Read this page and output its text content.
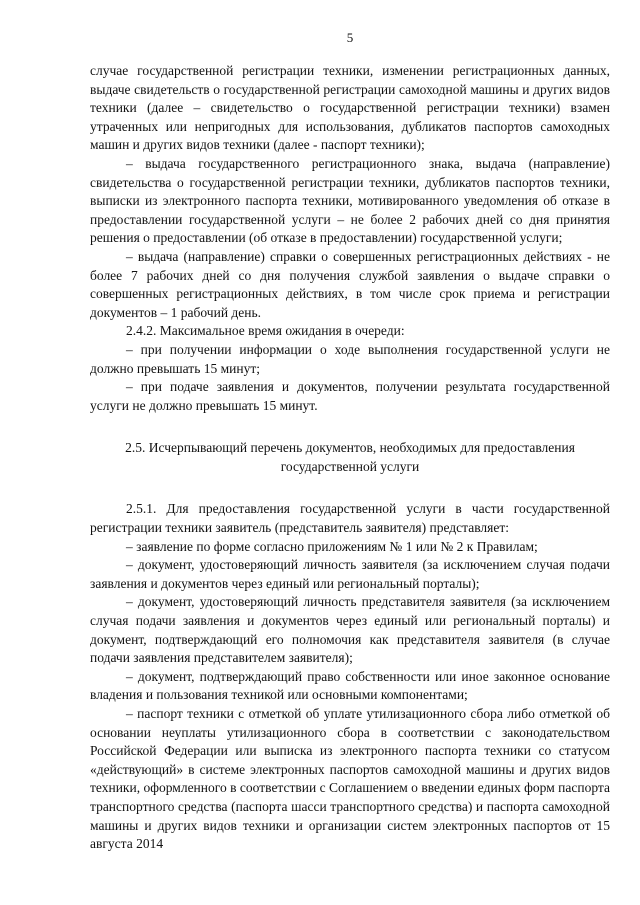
5

случае государственной регистрации техники, изменении регистрационных данных, выдаче свидетельств о государственной регистрации самоходной машины и других видов техники (далее – свидетельство о государственной регистрации техники) взамен утраченных или непригодных для использования, дубликатов паспортов самоходных машин и других видов техники (далее - паспорт техники);

– выдача государственного регистрационного знака, выдача (направление) свидетельства о государственной регистрации техники, дубликатов паспортов техники, выписки из электронного паспорта техники, мотивированного уведомления об отказе в предоставлении государственной услуги – не более 2 рабочих дней со дня принятия решения о предоставлении (об отказе в предоставлении) государственной услуги;

– выдача (направление) справки о совершенных регистрационных действиях - не более 7 рабочих дней со дня получения службой заявления о выдаче справки о совершенных регистрационных действиях, в том числе срок приема и регистрации документов – 1 рабочий день.

2.4.2. Максимальное время ожидания в очереди:

– при получении информации о ходе выполнения государственной услуги не должно превышать 15 минут;

– при подаче заявления и документов, получении результата государственной услуги не должно превышать 15 минут.

2.5. Исчерпывающий перечень документов, необходимых для предоставления государственной услуги

2.5.1. Для предоставления государственной услуги в части государственной регистрации техники заявитель (представитель заявителя) представляет:

– заявление по форме согласно приложениям № 1 или № 2 к Правилам;

– документ, удостоверяющий личность заявителя (за исключением случая подачи заявления и документов через единый или региональный порталы);

– документ, удостоверяющий личность представителя заявителя (за исключением случая подачи заявления и документов через единый или региональный порталы) и документ, подтверждающий его полномочия как представителя заявителя (в случае подачи заявления представителем заявителя);

– документ, подтверждающий право собственности или иное законное основание владения и пользования техникой или основными компонентами;

– паспорт техники с отметкой об уплате утилизационного сбора либо отметкой об основании неуплаты утилизационного сбора в соответствии с законодательством Российской Федерации или выписка из электронного паспорта техники со статусом «действующий» в системе электронных паспортов самоходной машины и других видов техники, оформленного в соответствии с Соглашением о введении единых форм паспорта транспортного средства (паспорта шасси транспортного средства) и паспорта самоходной машины и других видов техники и организации систем электронных паспортов от 15 августа 2014
